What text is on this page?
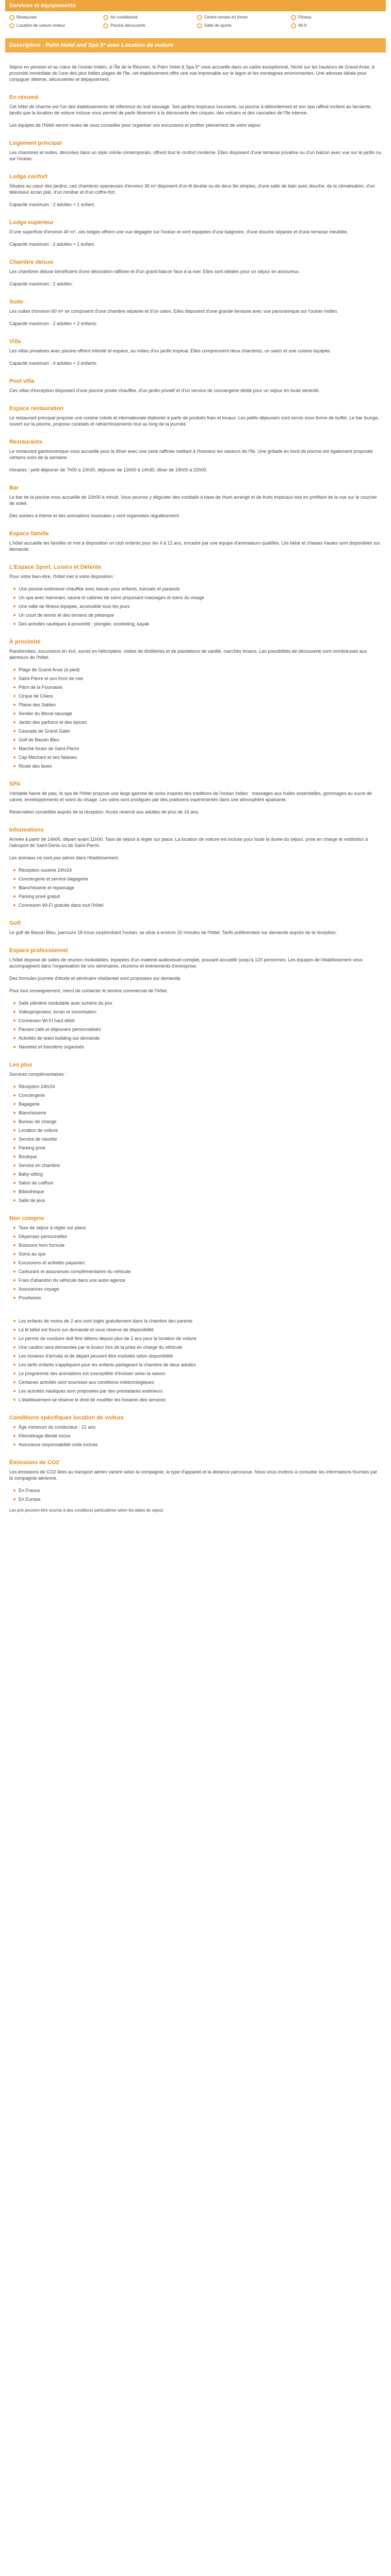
Services et équipements
Restaurant	Air conditionné	Centre remise en forme	Fitness
Location de voiture moteur	Piscine découverte	Salle de sports	Wi-fi
Description - Palm Hotel and Spa 5* avec Location de voiture

Séjour en pension et au cœur de l'océan Indien, à l'Île de la Réunion, le Palm Hotel & Spa 5* vous accueille dans un cadre exceptionnel. Niché sur les hauteurs de Grand Anse, à proximité immédiate de l'une des plus belles plages de l'île, cet établissement offre une vue imprenable sur le lagon et les montagnes environnantes. Une adresse idéale pour conjuguer détente, découvertes et dépaysement.

En résumé

Cet hôtel de charme est l'un des établissements de référence du sud sauvage. Ses jardins tropicaux luxuriants, sa piscine à débordement et son spa raffiné invitent au farniente, tandis que la location de voiture incluse vous permet de partir librement à la découverte des cirques, des volcans et des cascades de l'île intense.

Les équipes de l'hôtel seront ravies de vous conseiller pour organiser vos excursions et profiter pleinement de votre séjour.

Logement principal

Les chambres et suites, décorées dans un style créole contemporain, offrent tout le confort moderne. Elles disposent d'une terrasse privative ou d'un balcon avec vue sur le jardin ou sur l'océan.

Lodge confort

Situées au cœur des jardins, ces chambres spacieuses d'environ 36 m² disposent d'un lit double ou de deux lits simples, d'une salle de bain avec douche, de la climatisation, d'un téléviseur écran plat, d'un minibar et d'un coffre-fort.

Capacité maximum : 2 adultes + 1 enfant.

Lodge supérieur

D'une superficie d'environ 40 m², ces lodges offrent une vue dégagée sur l'océan et sont équipées d'une baignoire, d'une douche séparée et d'une terrasse meublée.

Capacité maximum : 2 adultes + 1 enfant.

Chambre deluxe

Les chambres deluxe bénéficient d'une décoration raffinée et d'un grand balcon face à la mer. Elles sont idéales pour un séjour en amoureux.

Capacité maximum : 2 adultes.

Suite

Les suites d'environ 60 m² se composent d'une chambre séparée et d'un salon. Elles disposent d'une grande terrasse avec vue panoramique sur l'océan Indien.

Capacité maximum : 2 adultes + 2 enfants.

Villa

Les villas privatives avec piscine offrent intimité et espace, au milieu d'un jardin tropical. Elles comprennent deux chambres, un salon et une cuisine équipée.

Capacité maximum : 4 adultes + 2 enfants.

Pool villa

Ces villas d'exception disposent d'une piscine privée chauffée, d'un jardin privatif et d'un service de conciergerie dédié pour un séjour en toute sérénité.

Espace restauration

Le restaurant principal propose une cuisine créole et internationale élaborée à partir de produits frais et locaux. Les petits déjeuners sont servis sous forme de buffet. Le bar lounge, ouvert sur la piscine, propose cocktails et rafraîchissements tout au long de la journée.

Restaurants

Le restaurant gastronomique vous accueille pour le dîner avec une carte raffinée mettant à l'honneur les saveurs de l'île. Une grillade en bord de piscine est également proposée certains soirs de la semaine.

Horaires : petit déjeuner de 7h00 à 10h30, déjeuner de 12h00 à 14h30, dîner de 19h00 à 22h00.

Bar

Le bar de la piscine vous accueille de 10h00 à minuit. Vous pourrez y déguster des cocktails à base de rhum arrangé et de fruits tropicaux tout en profitant de la vue sur le coucher de soleil.

Des soirées à thème et des animations musicales y sont organisées régulièrement.

Espace famille

L'hôtel accueille les familles et met à disposition un club enfants pour les 4 à 12 ans, encadré par une équipe d'animateurs qualifiés. Lits bébé et chaises hautes sont disponibles sur demande.

L'Espace Sport, Loisirs et Détente

Pour votre bien-être, l'hôtel met à votre disposition :

Une piscine extérieure chauffée avec bassin pour enfants, transats et parasols
Un spa avec hammam, sauna et cabines de soins proposant massages et soins du visage
Une salle de fitness équipée, accessible tous les jours
Un court de tennis et des terrains de pétanque
Des activités nautiques à proximité : plongée, snorkeling, kayak
À proximité

Randonnées, excursions en 4x4, survol en hélicoptère, visites de distilleries et de plantations de vanille, marchés forains. Les possibilités de découverte sont nombreuses aux alentours de l'hôtel.

Plage de Grand Anse (à pied)
Saint-Pierre et son front de mer
Piton de la Fournaise
Cirque de Cilaos
Plaine des Sables
Sentier du littoral sauvage
Jardin des parfums et des épices
Cascade de Grand Galet
Golf de Bassin Bleu
Marché forain de Saint-Pierre
Cap Méchant et ses falaises
Route des laves
SPA

Véritable havre de paix, le spa de l'hôtel propose une large gamme de soins inspirés des traditions de l'océan Indien : massages aux huiles essentielles, gommages au sucre de canne, enveloppements et soins du visage. Les soins sont prodigués par des praticiens expérimentés dans une atmosphère apaisante.

Réservation conseillée auprès de la réception. Accès réservé aux adultes de plus de 16 ans.

Informations

Arrivée à partir de 14h00, départ avant 11h00. Taxe de séjour à régler sur place. La location de voiture est incluse pour toute la durée du séjour, prise en charge et restitution à l'aéroport de Saint-Denis ou de Saint-Pierre.

Les animaux ne sont pas admis dans l'établissement.

Réception ouverte 24h/24
Conciergerie et service bagagerie
Blanchisserie et repassage
Parking privé gratuit
Connexion Wi-Fi gratuite dans tout l'hôtel
Golf

Le golf de Bassin Bleu, parcours 18 trous surplombant l'océan, se situe à environ 20 minutes de l'hôtel. Tarifs préférentiels sur demande auprès de la réception.

Espace professionnel

L'hôtel dispose de salles de réunion modulables, équipées d'un matériel audiovisuel complet, pouvant accueillir jusqu'à 120 personnes. Les équipes de l'établissement vous accompagnent dans l'organisation de vos séminaires, réunions et événements d'entreprise.

Des formules journée d'étude et séminaire résidentiel sont proposées sur demande.

Pour tout renseignement, merci de contacter le service commercial de l'hôtel.

Salle plénière modulable avec lumière du jour
Vidéoprojecteur, écran et sonorisation
Connexion Wi-Fi haut débit
Pauses café et déjeuners personnalisés
Activités de team building sur demande
Navettes et transferts organisés
Les plus

Services complémentaires :

Réception 24h/24
Conciergerie
Bagagerie
Blanchisserie
Bureau de change
Location de voiture
Service de navette
Parking privé
Boutique
Service en chambre
Baby-sitting
Salon de coiffure
Bibliothèque
Salle de jeux
Non compris
Taxe de séjour à régler sur place
Dépenses personnelles
Boissons hors formule
Soins au spa
Excursions et activités payantes
Carburant et assurances complémentaires du véhicule
Frais d'abandon du véhicule dans une autre agence
Assurances voyage
Pourboires
Les enfants de moins de 2 ans sont logés gratuitement dans la chambre des parents
Le lit bébé est fourni sur demande et sous réserve de disponibilité
Le permis de conduire doit être détenu depuis plus de 2 ans pour la location de voiture
Une caution sera demandée par le loueur lors de la prise en charge du véhicule
Les horaires d'arrivée et de départ peuvent être modulés selon disponibilité
Les tarifs enfants s'appliquent pour les enfants partageant la chambre de deux adultes
Le programme des animations est susceptible d'évoluer selon la saison
Certaines activités sont soumises aux conditions météorologiques
Les activités nautiques sont proposées par des prestataires extérieurs
L'établissement se réserve le droit de modifier les horaires des services
Conditions spécifiques location de voiture
Âge minimum du conducteur : 21 ans
Kilométrage illimité inclus
Assurance responsabilité civile incluse
Émissions de CO2

Les émissions de CO2 liées au transport aérien varient selon la compagnie, le type d'appareil et la distance parcourue. Nous vous invitons à consulter les informations fournies par la compagnie aérienne.

En France
En Europe

Les prix peuvent être soumis à des conditions particulières selon les dates de séjour.
